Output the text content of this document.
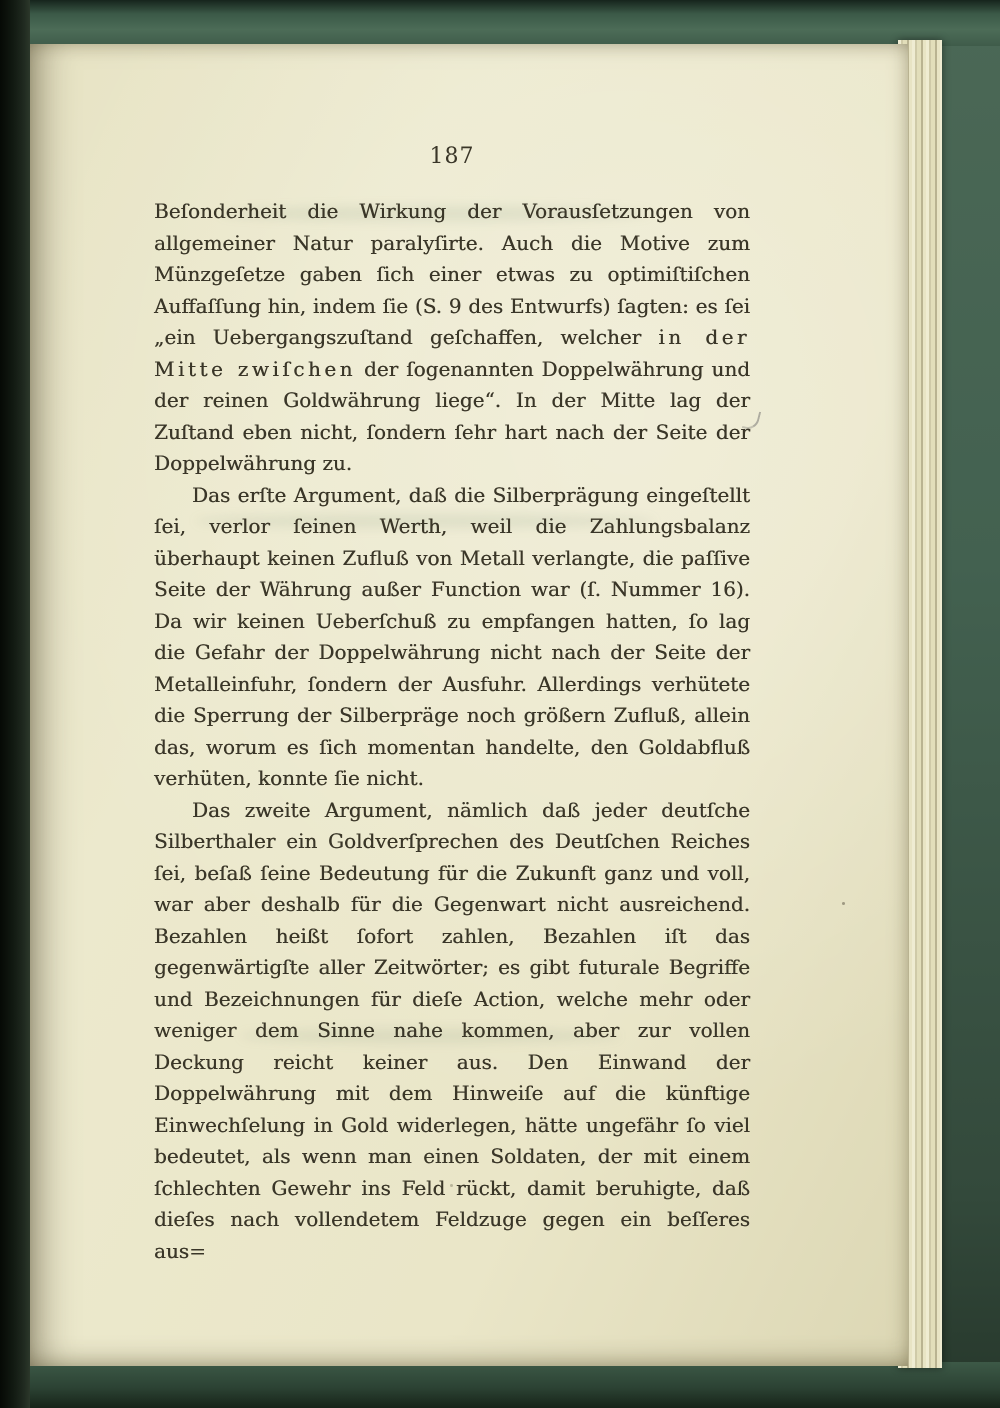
187

Beſonderheit die Wirkung der Vorausſetzungen von allgemeiner Natur paralyſirte. Auch die Motive zum Münzgeſetze gaben ſich einer etwas zu optimiſtiſchen Auffaſſung hin, indem ſie (S. 9 des Entwurfs) ſagten: es ſei „ein Uebergangszuſtand geſchaffen, welcher in der Mitte zwiſchen der ſogenannten Doppelwährung und der reinen Goldwährung liege“. In der Mitte lag der Zuſtand eben nicht, ſondern ſehr hart nach der Seite der Doppelwährung zu.

Das erſte Argument, daß die Silberprägung eingeſtellt ſei, verlor ſeinen Werth, weil die Zahlungsbalanz überhaupt keinen Zufluß von Metall verlangte, die paſſive Seite der Währung außer Function war (ſ. Nummer 16). Da wir keinen Ueberſchuß zu empfangen hatten, ſo lag die Gefahr der Doppelwährung nicht nach der Seite der Metalleinfuhr, ſondern der Ausfuhr. Allerdings verhütete die Sperrung der Silberpräge noch größern Zufluß, allein das, worum es ſich momentan handelte, den Goldabfluß verhüten, konnte ſie nicht.

Das zweite Argument, nämlich daß jeder deutſche Silberthaler ein Goldverſprechen des Deutſchen Reiches ſei, beſaß ſeine Bedeutung für die Zukunft ganz und voll, war aber deshalb für die Gegenwart nicht ausreichend. Bezahlen heißt ſofort zahlen, Bezahlen iſt das gegenwärtigſte aller Zeitwörter; es gibt futurale Begriffe und Bezeichnungen für dieſe Action, welche mehr oder weniger dem Sinne nahe kommen, aber zur vollen Deckung reicht keiner aus. Den Einwand der Doppelwährung mit dem Hinweiſe auf die künftige Einwechſelung in Gold widerlegen, hätte ungefähr ſo viel bedeutet, als wenn man einen Soldaten, der mit einem ſchlechten Gewehr ins Feld rückt, damit beruhigte, daß dieſes nach vollendetem Feldzuge gegen ein beſſeres aus=
